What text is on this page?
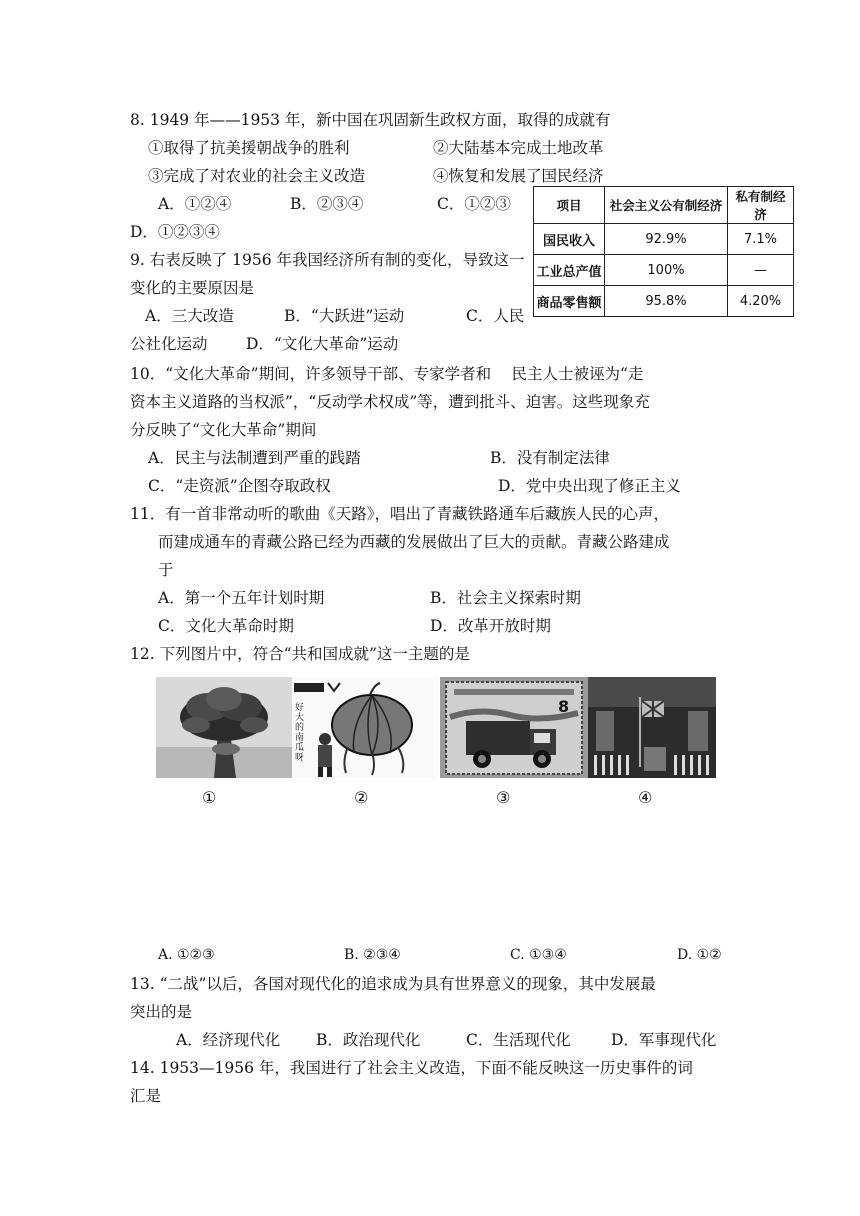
8. 1949 年——1953 年，新中国在巩固新生政权方面，取得的成就有
①取得了抗美援朝战争的胜利	②大陆基本完成土地改革
③完成了对农业的社会主义改造	④恢复和发展了国民经济
A．①②④	B．②③④	C．①②③
D．①②③④
9. 右表反映了 1956 年我国经济所有制的变化，导致这一
变化的主要原因是
A．三大改造	B．“大跃进”运动	C．人民
公社化运动 D．“文化大革命”运动
项目	社会主义公有制经济	私有制经济
国民收入	92.9%	7.1%
工业总产值	100%	—
商品零售额	95.8%	4.20%
10．“文化大革命”期间，许多领导干部、专家学者和　 民主人士被诬为“走
资本主义道路的当权派”，“反动学术权成”等，遭到批斗、迫害。这些现象充
分反映了“文化大革命”期间
A．民主与法制遭到严重的践踏	B．没有制定法律
C．“走资派”企图夺取政权	D．党中央出现了修正主义
11．有一首非常动听的歌曲《天路》，唱出了青藏铁路通车后藏族人民的心声，
而建成通车的青藏公路已经为西藏的发展做出了巨大的贡献。青藏公路建成
于
A．第一个五年计划时期	B．社会主义探索时期
C．文化大革命时期	D．改革开放时期
12. 下列图片中，符合“共和国成就”这一主题的是
好大的南瓜呀
8
①	②	③	④
A. ①②③	B. ②③④	C. ①③④	D. ①②
13. “二战”以后，各国对现代化的追求成为具有世界意义的现象，其中发展最
突出的是
A．经济现代化 B．政治现代化	C．生活现代化	D．军事现代化
14. 1953—1956 年，我国进行了社会主义改造，下面不能反映这一历史事件的词
汇是
